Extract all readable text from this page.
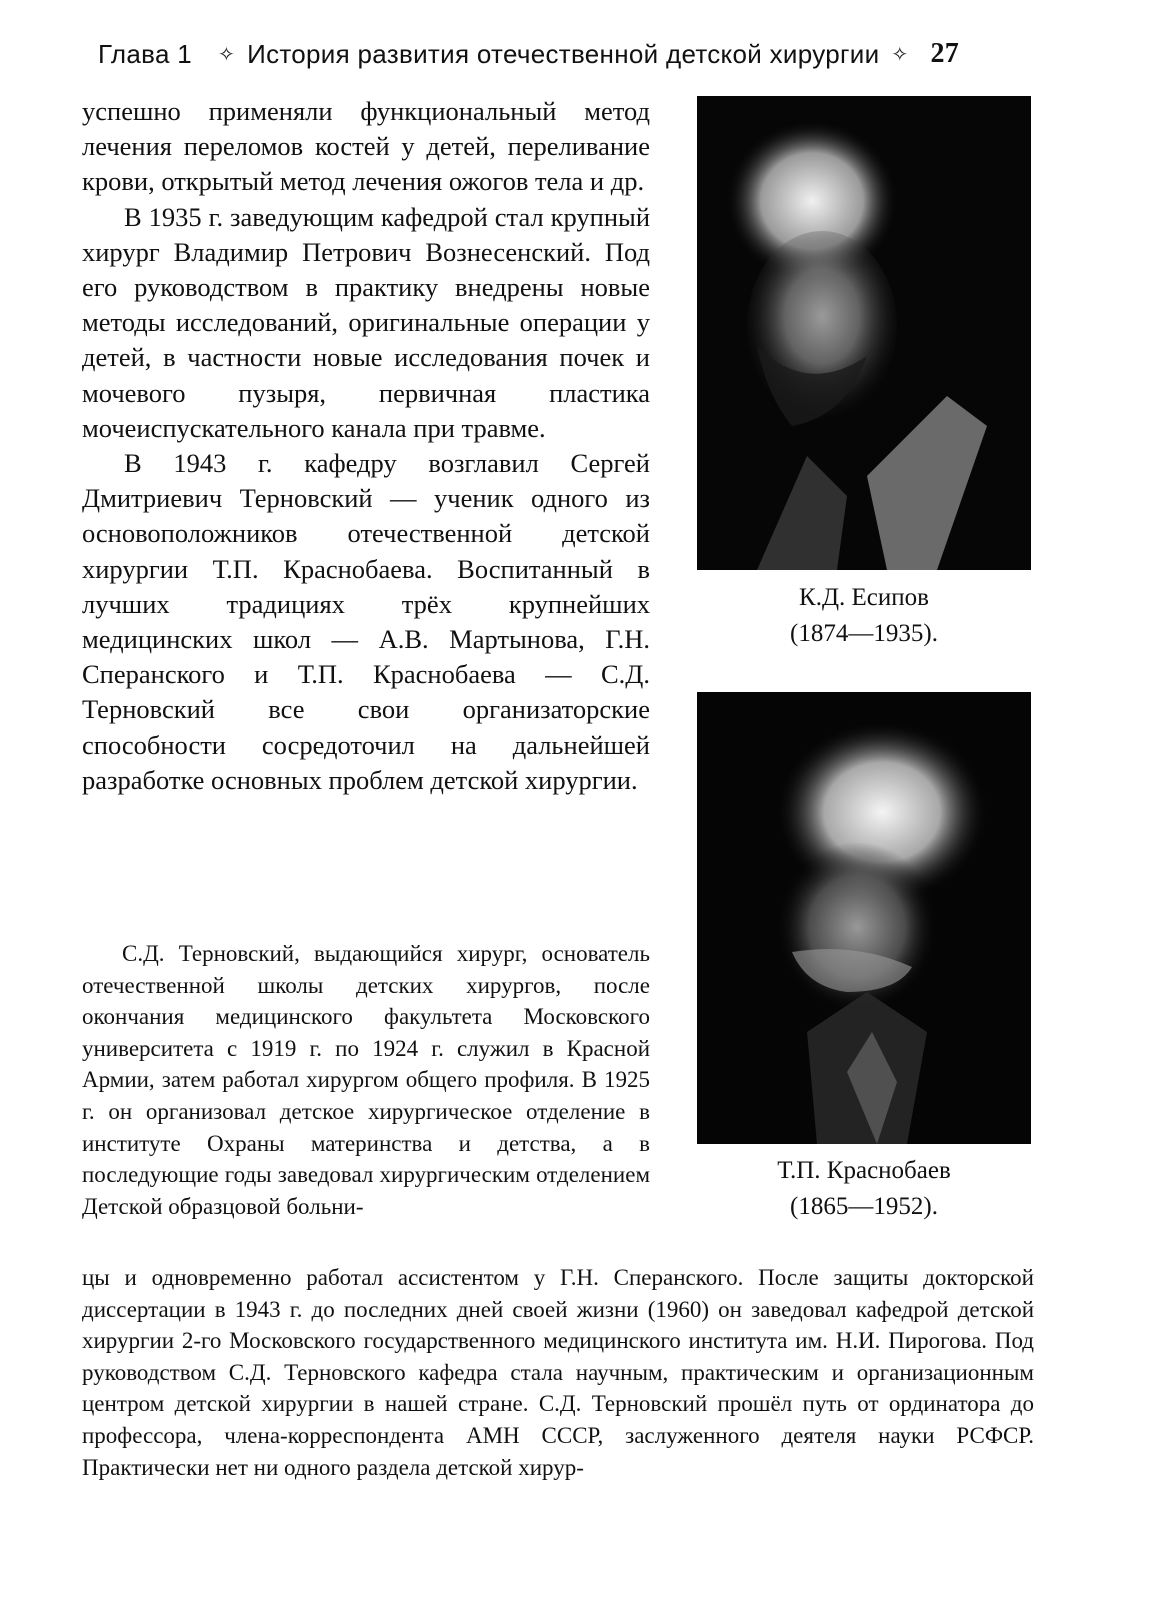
Глава 1 ✧ История развития отечественной детской хирургии ✧ 27

успешно применяли функциональный метод лечения переломов костей у детей, переливание крови, открытый метод лечения ожогов тела и др.

В 1935 г. заведующим кафедрой стал крупный хирург Владимир Петрович Вознесенский. Под его руководством в практику внедрены новые методы исследований, оригинальные операции у детей, в частности новые исследования почек и мочевого пузыря, первичная пластика мочеиспускательного канала при травме.

В 1943 г. кафедру возглавил Сергей Дмитриевич Терновский — ученик одного из основоположников отечественной детской хирургии Т.П. Краснобаева. Воспитанный в лучших традициях трёх крупнейших медицинских школ — А.В. Мартынова, Г.Н. Сперанского и Т.П. Краснобаева — С.Д. Терновский все свои организаторские способности сосредоточил на дальнейшей разработке основных проблем детской хирургии.

С.Д. Терновский, выдающийся хирург, основатель отечественной школы детских хирургов, после окончания медицинского факультета Московского университета с 1919 г. по 1924 г. служил в Красной Армии, затем работал хирургом общего профиля. В 1925 г. он организовал детское хирургическое отделение в институте Охраны материнства и детства, а в последующие годы заведовал хирургическим отделением Детской образцовой больни-

цы и одновременно работал ассистентом у Г.Н. Сперанского. После защиты докторской диссертации в 1943 г. до последних дней своей жизни (1960) он заведовал кафедрой детской хирургии 2-го Московского государственного медицинского института им. Н.И. Пирогова. Под руководством С.Д. Терновского кафедра стала научным, практическим и организационным центром детской хирургии в нашей стране. С.Д. Терновский прошёл путь от ординатора до профессора, члена-корреспондента АМН СССР, заслуженного деятеля науки РСФСР. Практически нет ни одного раздела детской хирур-

К.Д. Есипов
(1874—1935).
Т.П. Краснобаев
(1865—1952).
